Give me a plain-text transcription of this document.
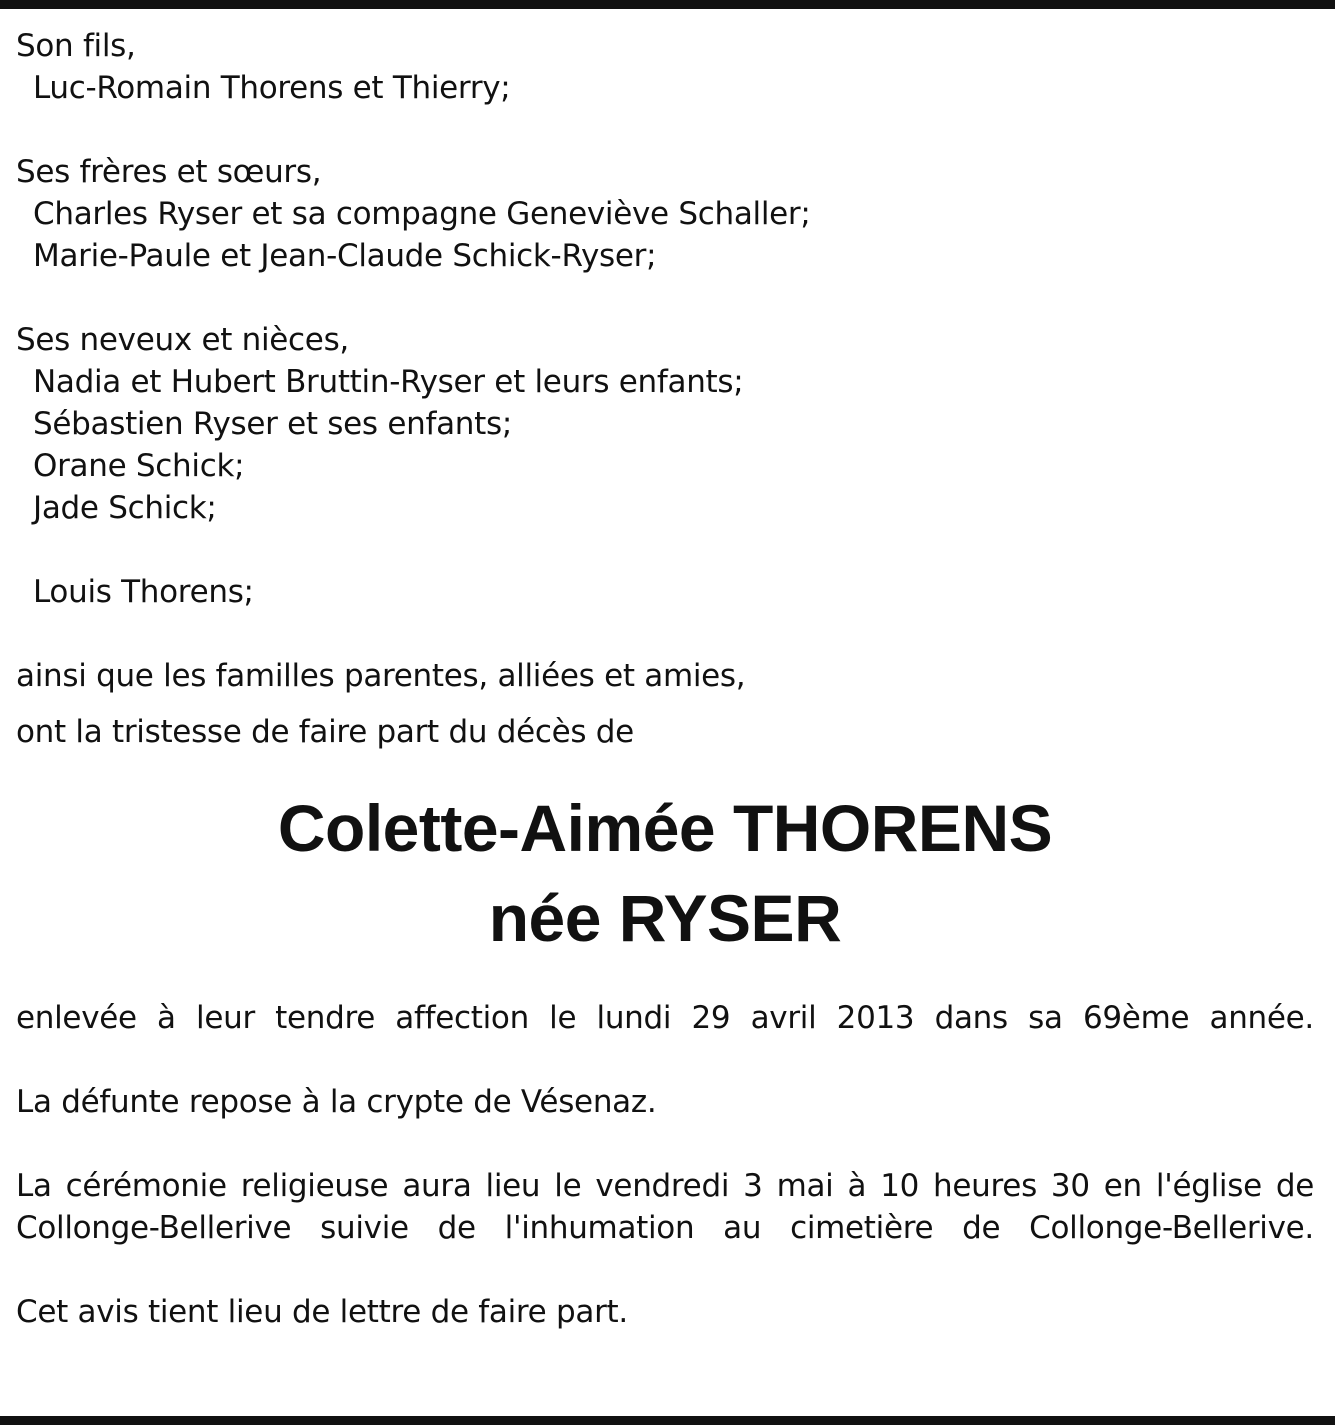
Son fils,
Luc-Romain Thorens et Thierry;
Ses frères et sœurs,
Charles Ryser et sa compagne Geneviève Schaller;
Marie-Paule et Jean-Claude Schick-Ryser;
Ses neveux et nièces,
Nadia et Hubert Bruttin-Ryser et leurs enfants;
Sébastien Ryser et ses enfants;
Orane Schick;
Jade Schick;
Louis Thorens;
ainsi que les familles parentes, alliées et amies,
ont la tristesse de faire part du décès de
Colette-Aimée THORENS
née RYSER
enlevée à leur tendre affection le lundi 29 avril 2013 dans sa 69ème année.
La défunte repose à la crypte de Vésenaz.
La cérémonie religieuse aura lieu le vendredi 3 mai à 10 heures 30 en l'église de
Collonge-Bellerive suivie de l'inhumation au cimetière de Collonge-Bellerive.
Cet avis tient lieu de lettre de faire part.
